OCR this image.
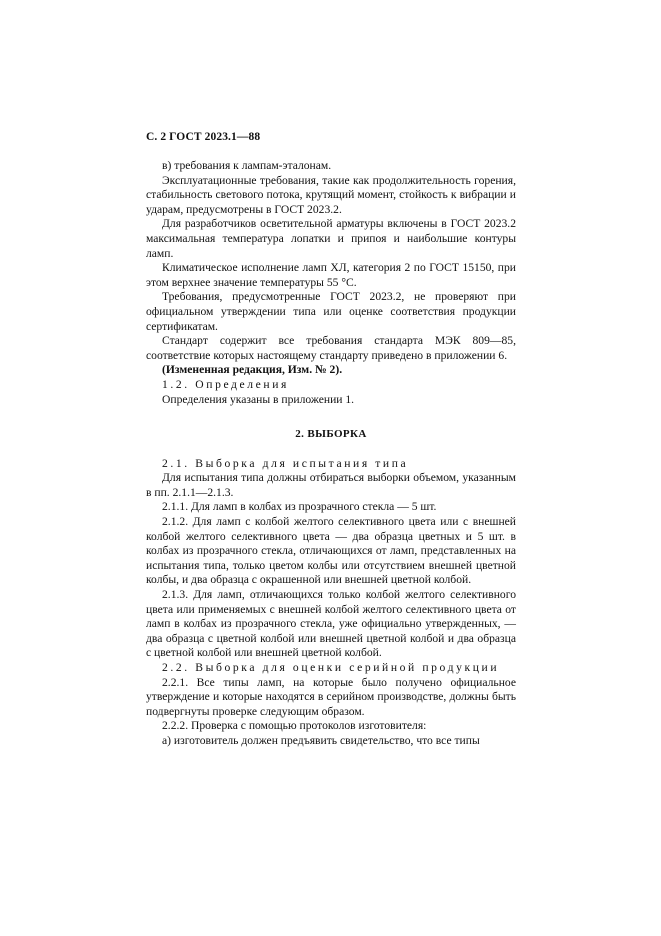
С. 2 ГОСТ 2023.1—88

в) требования к лампам-эталонам.

Эксплуатационные требования, такие как продолжительность горения, стабильность светового потока, крутящий момент, стойкость к вибрации и ударам, предусмотрены в ГОСТ 2023.2.

Для разработчиков осветительной арматуры включены в ГОСТ 2023.2 максимальная температура лопатки и припоя и наибольшие контуры ламп.

Климатическое исполнение ламп ХЛ, категория 2 по ГОСТ 15150, при этом верхнее значение температуры 55 °С.

Требования, предусмотренные ГОСТ 2023.2, не проверяют при официальном утверждении типа или оценке соответствия продукции сертификатам.

Стандарт содержит все требования стандарта МЭК 809—85, соответствие которых настоящему стандарту приведено в приложении 6.

(Измененная редакция, Изм. № 2).

1.2. Определения

Определения указаны в приложении 1.

2. ВЫБОРКА

2.1. Выборка для испытания типа

Для испытания типа должны отбираться выборки объемом, указанным в пп. 2.1.1—2.1.3.

2.1.1. Для ламп в колбах из прозрачного стекла — 5 шт.

2.1.2. Для ламп с колбой желтого селективного цвета или с внешней колбой желтого селективного цвета — два образца цветных и 5 шт. в колбах из прозрачного стекла, отличающихся от ламп, представленных на испытания типа, только цветом колбы или отсутствием внешней цветной колбы, и два образца с окрашенной или внешней цветной колбой.

2.1.3. Для ламп, отличающихся только колбой желтого селективного цвета или применяемых с внешней колбой желтого селективного цвета от ламп в колбах из прозрачного стекла, уже официально утвержденных, — два образца с цветной колбой или внешней цветной колбой и два образца с цветной колбой или внешней цветной колбой.

2.2. Выборка для оценки серийной продукции

2.2.1. Все типы ламп, на которые было получено официальное утверждение и которые находятся в серийном производстве, должны быть подвергнуты проверке следующим образом.

2.2.2. Проверка с помощью протоколов изготовителя:

а) изготовитель должен предъявить свидетельство, что все типы
